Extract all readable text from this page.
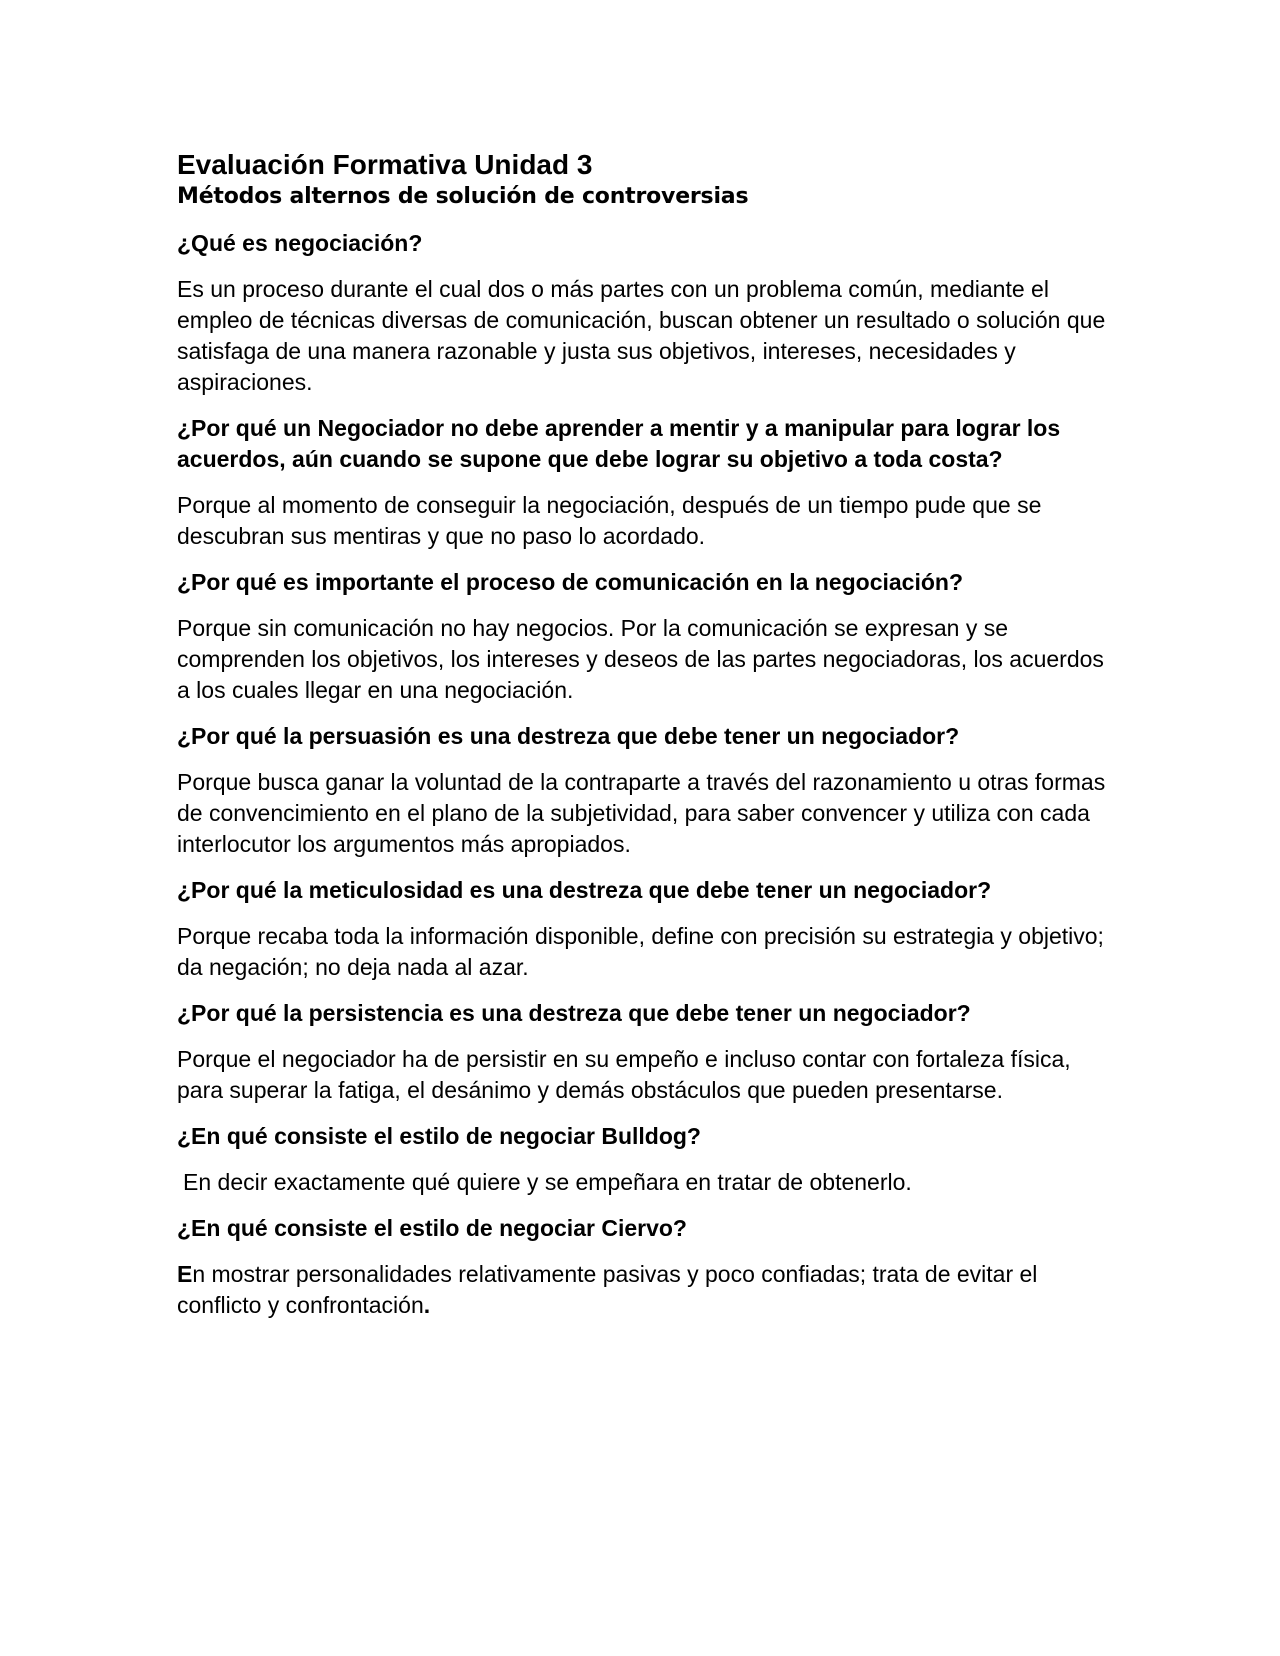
Evaluación Formativa Unidad 3
Métodos alternos de solución de controversias

¿Qué es negociación?

Es un proceso durante el cual dos o más partes con un problema común, mediante el empleo de técnicas diversas de comunicación, buscan obtener un resultado o solución que satisfaga de una manera razonable y justa sus objetivos, intereses, necesidades y aspiraciones.

¿Por qué un Negociador no debe aprender a mentir y a manipular para lograr los acuerdos, aún cuando se supone que debe lograr su objetivo a toda costa?

Porque al momento de conseguir la negociación, después de un tiempo pude que se descubran sus mentiras y que no paso lo acordado.

¿Por qué es importante el proceso de comunicación en la negociación?

Porque sin comunicación no hay negocios. Por la comunicación se expresan y se comprenden los objetivos, los intereses y deseos de las partes negociadoras, los acuerdos a los cuales llegar en una negociación.

¿Por qué la persuasión es una destreza que debe tener un negociador?

Porque busca ganar la voluntad de la contraparte a través del razonamiento u otras formas de convencimiento en el plano de la subjetividad, para saber convencer y utiliza con cada interlocutor los argumentos más apropiados.

¿Por qué la meticulosidad es una destreza que debe tener un negociador?

Porque recaba toda la información disponible, define con precisión su estrategia y objetivo; da negación; no deja nada al azar.

¿Por qué la persistencia es una destreza que debe tener un negociador?

Porque el negociador ha de persistir en su empeño e incluso contar con fortaleza física, para superar la fatiga, el desánimo y demás obstáculos que pueden presentarse.

¿En qué consiste el estilo de negociar Bulldog?

En decir exactamente qué quiere y se empeñara en tratar de obtenerlo.

¿En qué consiste el estilo de negociar Ciervo?

En mostrar personalidades relativamente pasivas y poco confiadas; trata de evitar el conflicto y confrontación.
